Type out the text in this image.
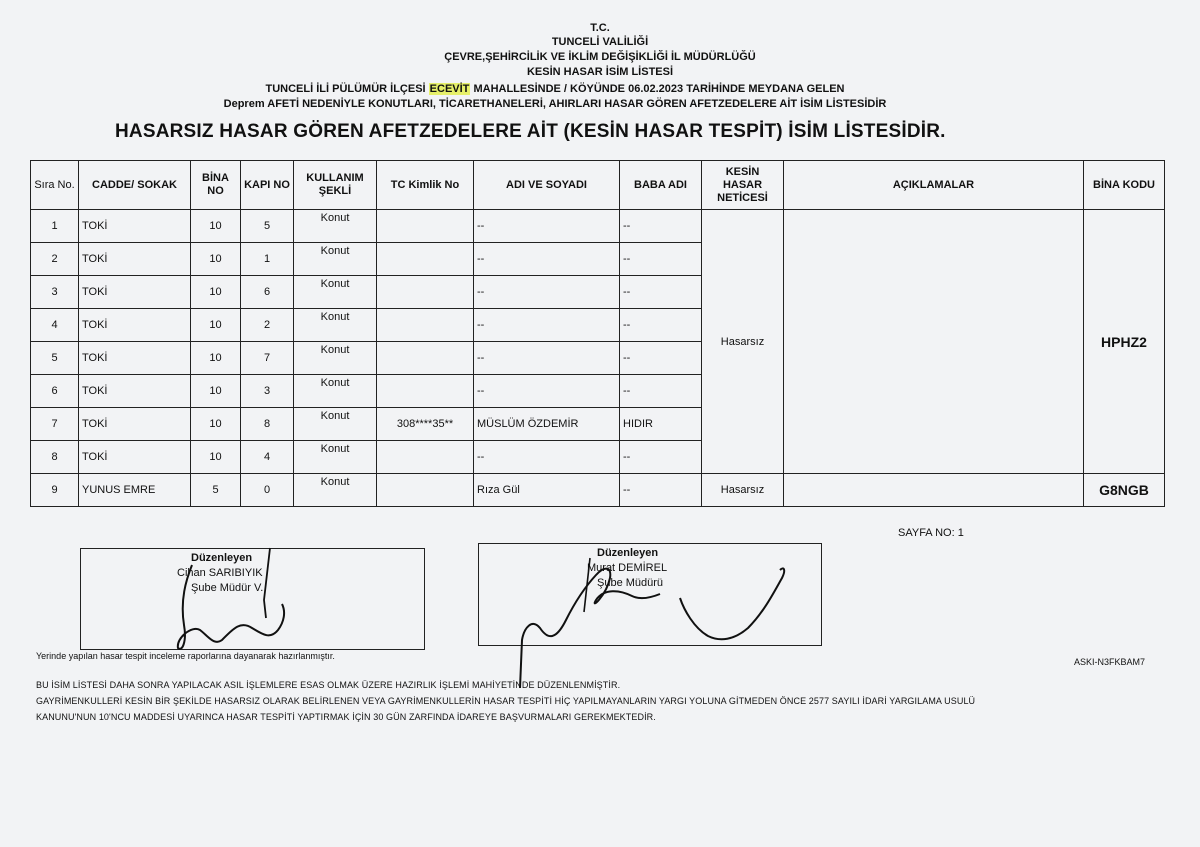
T.C.
TUNCELİ VALİLİĞİ
ÇEVRE,ŞEHİRCİLİK VE İKLİM DEĞİŞİKLİĞİ İL MÜDÜRLÜĞÜ
KESİN HASAR İSİM LİSTESİ
TUNCELİ İLİ PÜLÜMÜR İLÇESİ ECEVİT MAHALLESİNDE / KÖYÜNDE 06.02.2023 TARİHİNDE MEYDANA GELEN
Deprem AFETİ NEDENİYLE KONUTLARI, TİCARETHANELERİ, AHIRLARI HASAR GÖREN AFETZEDELERE AİT İSİM LİSTESİDİR
HASARSIZ HASAR GÖREN AFETZEDELERE AİT (KESİN HASAR TESPİT) İSİM LİSTESİDİR.
Sıra No.	CADDE/ SOKAK	BİNA NO	KAPI NO	KULLANIM ŞEKLİ	TC Kimlik No	ADI VE SOYADI	BABA ADI	KESİN HASAR NETİCESİ	AÇIKLAMALAR	BİNA KODU
1	TOKİ	10	5	Konut		--	--	Hasarsız		HPHZ2
2	TOKİ	10	1	Konut		--	--			
3	TOKİ	10	6	Konut		--	--			
4	TOKİ	10	2	Konut		--	--			
5	TOKİ	10	7	Konut		--	--			
6	TOKİ	10	3	Konut		--	--			
7	TOKİ	10	8	Konut	308****35**	MÜSLÜM ÖZDEMİR	HIDIR			
8	TOKİ	10	4	Konut		--	--			
9	YUNUS EMRE	5	0	Konut		Rıza Gül	--	Hasarsız		G8NGB
SAYFA NO: 1
Düzenleyen
Cihan SARIBIYIK
Şube Müdür V.
Düzenleyen
Murat DEMİREL
Şube Müdürü
Yerinde yapılan hasar tespit inceleme raporlarına dayanarak hazırlanmıştır.
ASKI-N3FKBAM7
BU İSİM LİSTESİ DAHA SONRA YAPILACAK ASIL İŞLEMLERE ESAS OLMAK ÜZERE HAZIRLIK İŞLEMİ MAHİYETİNDE DÜZENLENMİŞTİR.
GAYRİMENKULLERİ KESİN BİR ŞEKİLDE HASARSIZ OLARAK BELİRLENEN VEYA GAYRİMENKULLERİN HASAR TESPİTİ HİÇ YAPILMAYANLARIN YARGI YOLUNA GİTMEDEN ÖNCE 2577 SAYILI İDARİ YARGILAMA USULÜ
KANUNU'NUN 10'NCU MADDESİ UYARINCA HASAR TESPİTİ YAPTIRMAK İÇİN 30 GÜN ZARFINDA İDAREYE BAŞVURMALARI GEREKMEKTEDİR.
